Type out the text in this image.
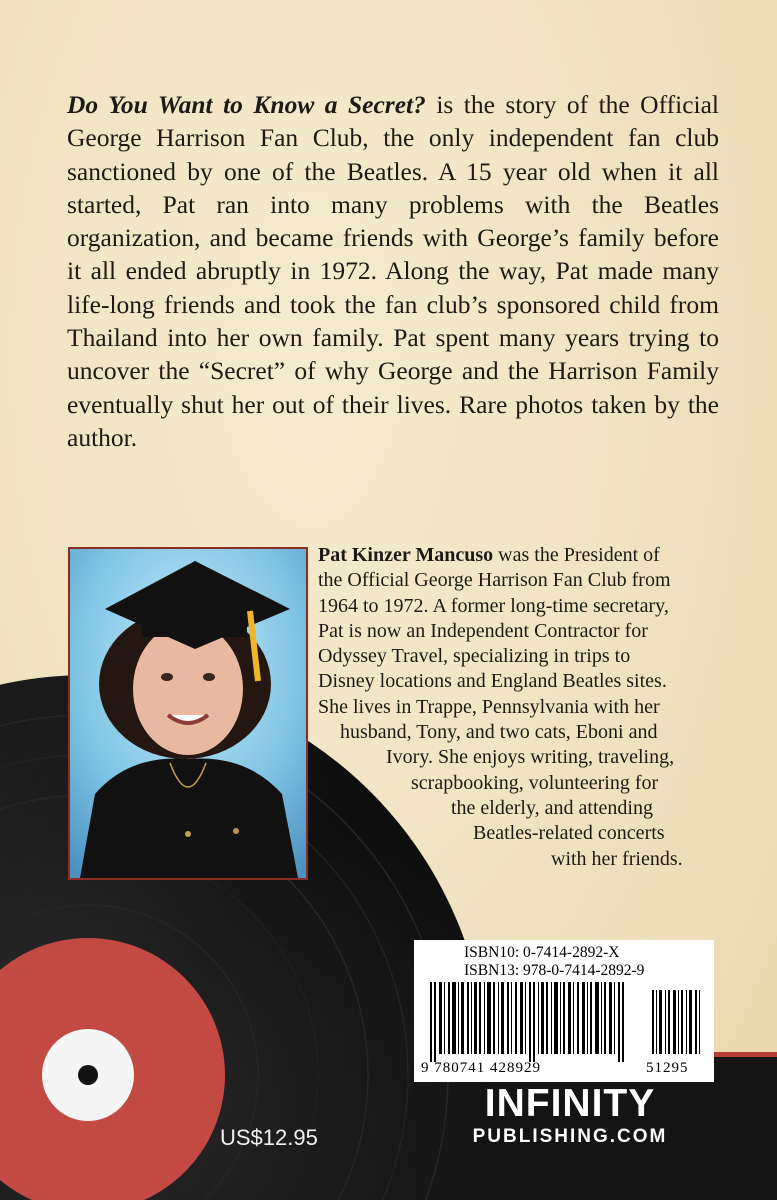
Do You Want to Know a Secret? is the story of the Official George Harrison Fan Club, the only independent fan club sanctioned by one of the Beatles. A 15 year old when it all started, Pat ran into many problems with the Beatles organization, and became friends with George’s family before it all ended abruptly in 1972. Along the way, Pat made many life-long friends and took the fan club’s sponsored child from Thailand into her own family. Pat spent many years trying to uncover the “Secret” of why George and the Harrison Family eventually shut her out of their lives. Rare photos taken by the author.

Pat Kinzer Mancuso was the President of
the Official George Harrison Fan Club from
1964 to 1972. A former long-time secretary,
Pat is now an Independent Contractor for
Odyssey Travel, specializing in trips to
Disney locations and England Beatles sites.
She lives in Trappe, Pennsylvania with her
husband, Tony, and two cats, Eboni and
Ivory. She enjoys writing, traveling,
scrapbooking, volunteering for
the elderly, and attending
Beatles-related concerts
with her friends.
ISBN10: 0-7414-2892-X
ISBN13: 978-0-7414-2892-9
9 780741 428929	51295
US$12.95
INFINITY
PUBLISHING.COM
